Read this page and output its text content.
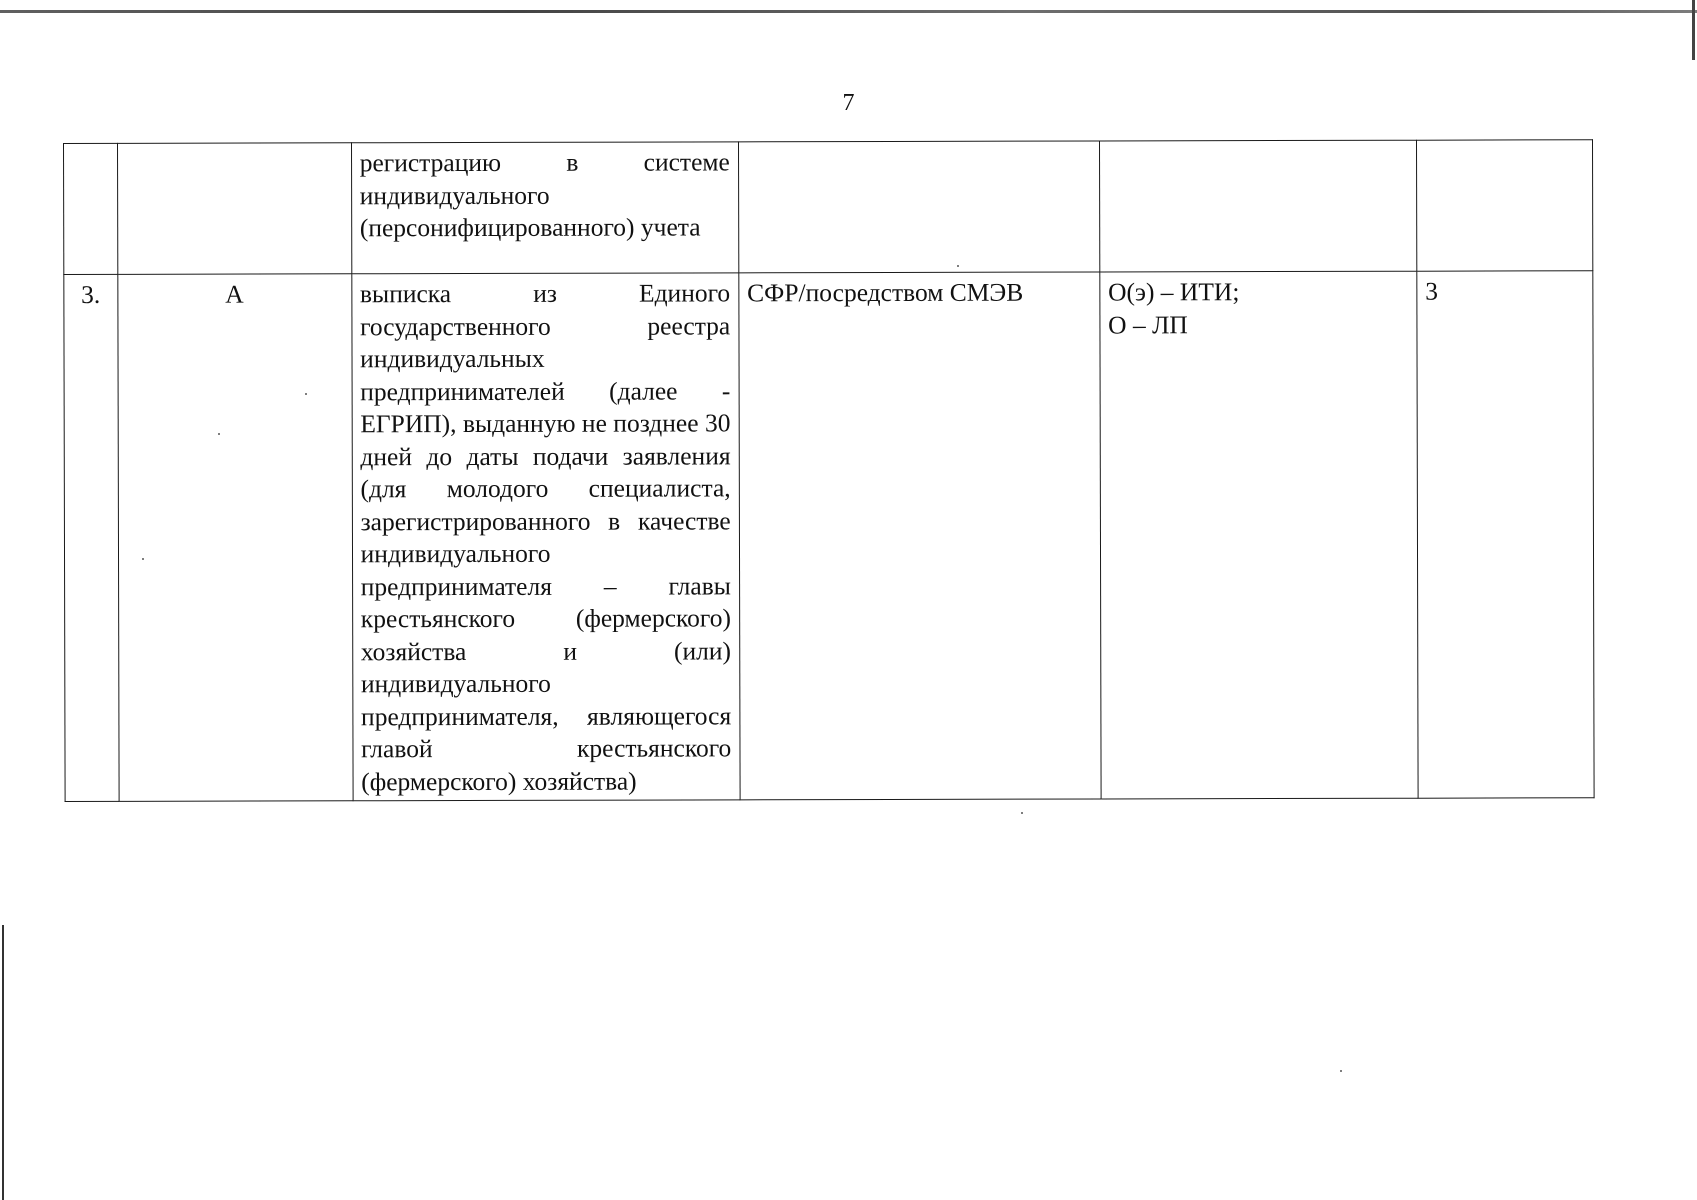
7
		регистрацию в системе индивидуального (персонифицированного) учета			
3.	А	выписка из Единого государственного реестра индивидуальных предпринимателей (далее - ЕГРИП), выданную не позднее 30 дней до даты подачи заявления (для молодого специалиста, зарегистрированного в качестве индивидуального предпринимателя – главы крестьянского (фермерского) хозяйства и (или) индивидуального предпринимателя, являющегося главой крестьянского (фермерского) хозяйства)	СФР/посредством СМЭВ	О(э) – ИТИ;
О – ЛП	3
